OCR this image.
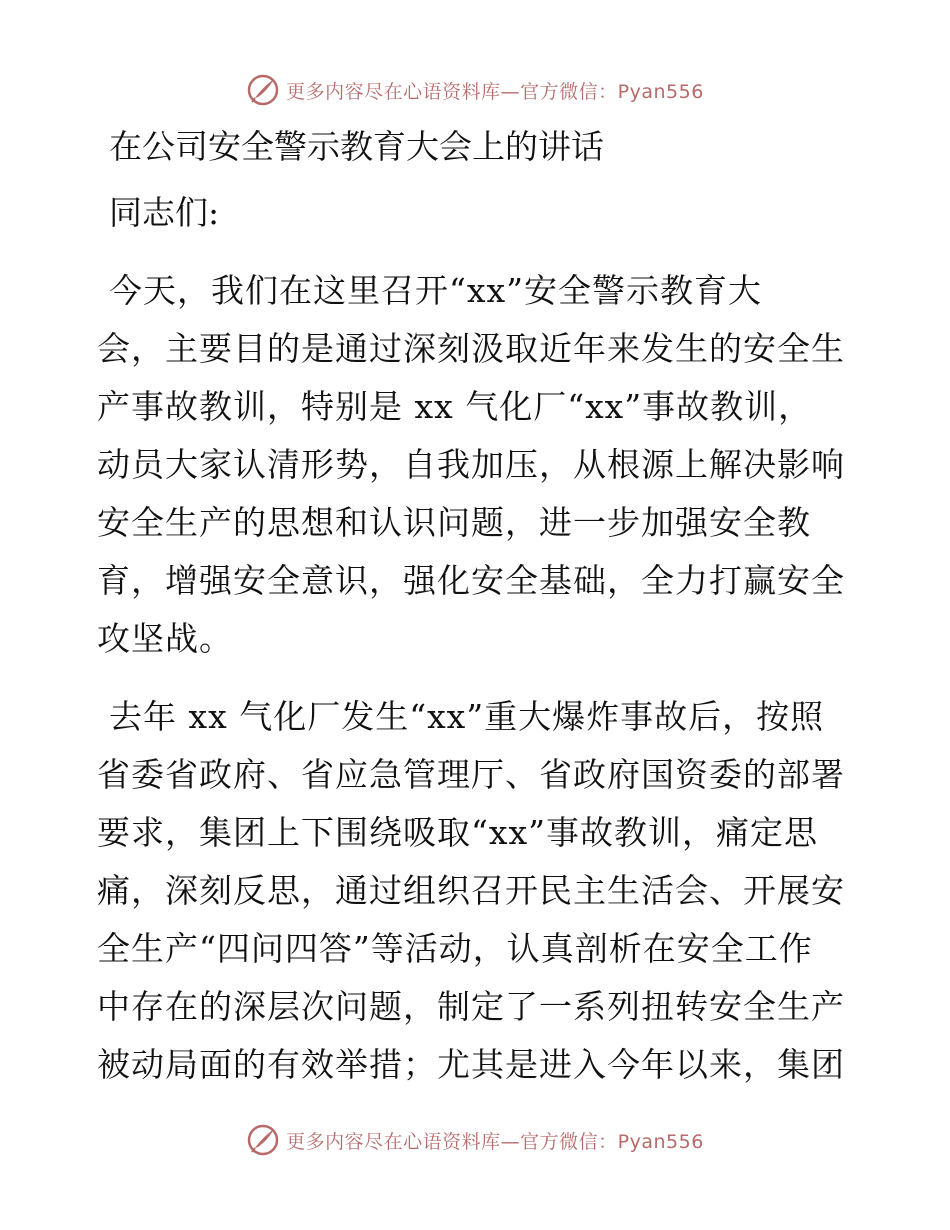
更多内容尽在心语资料库—官方微信：Pyan556

在公司安全警示教育大会上的讲话

同志们:

今天，我们在这里召开“xx”安全警示教育大
会，主要目的是通过深刻汲取近年来发生的安全生
产事故教训，特别是 xx 气化厂“xx”事故教训，
动员大家认清形势，自我加压，从根源上解决影响
安全生产的思想和认识问题，进一步加强安全教
育，增强安全意识，强化安全基础，全力打赢安全
攻坚战。

去年 xx 气化厂发生“xx”重大爆炸事故后，按照
省委省政府、省应急管理厅、省政府国资委的部署
要求，集团上下围绕吸取“xx”事故教训，痛定思
痛，深刻反思，通过组织召开民主生活会、开展安
全生产“四问四答”等活动，认真剖析在安全工作
中存在的深层次问题，制定了一系列扭转安全生产
被动局面的有效举措；尤其是进入今年以来，集团

更多内容尽在心语资料库—官方微信：Pyan556
